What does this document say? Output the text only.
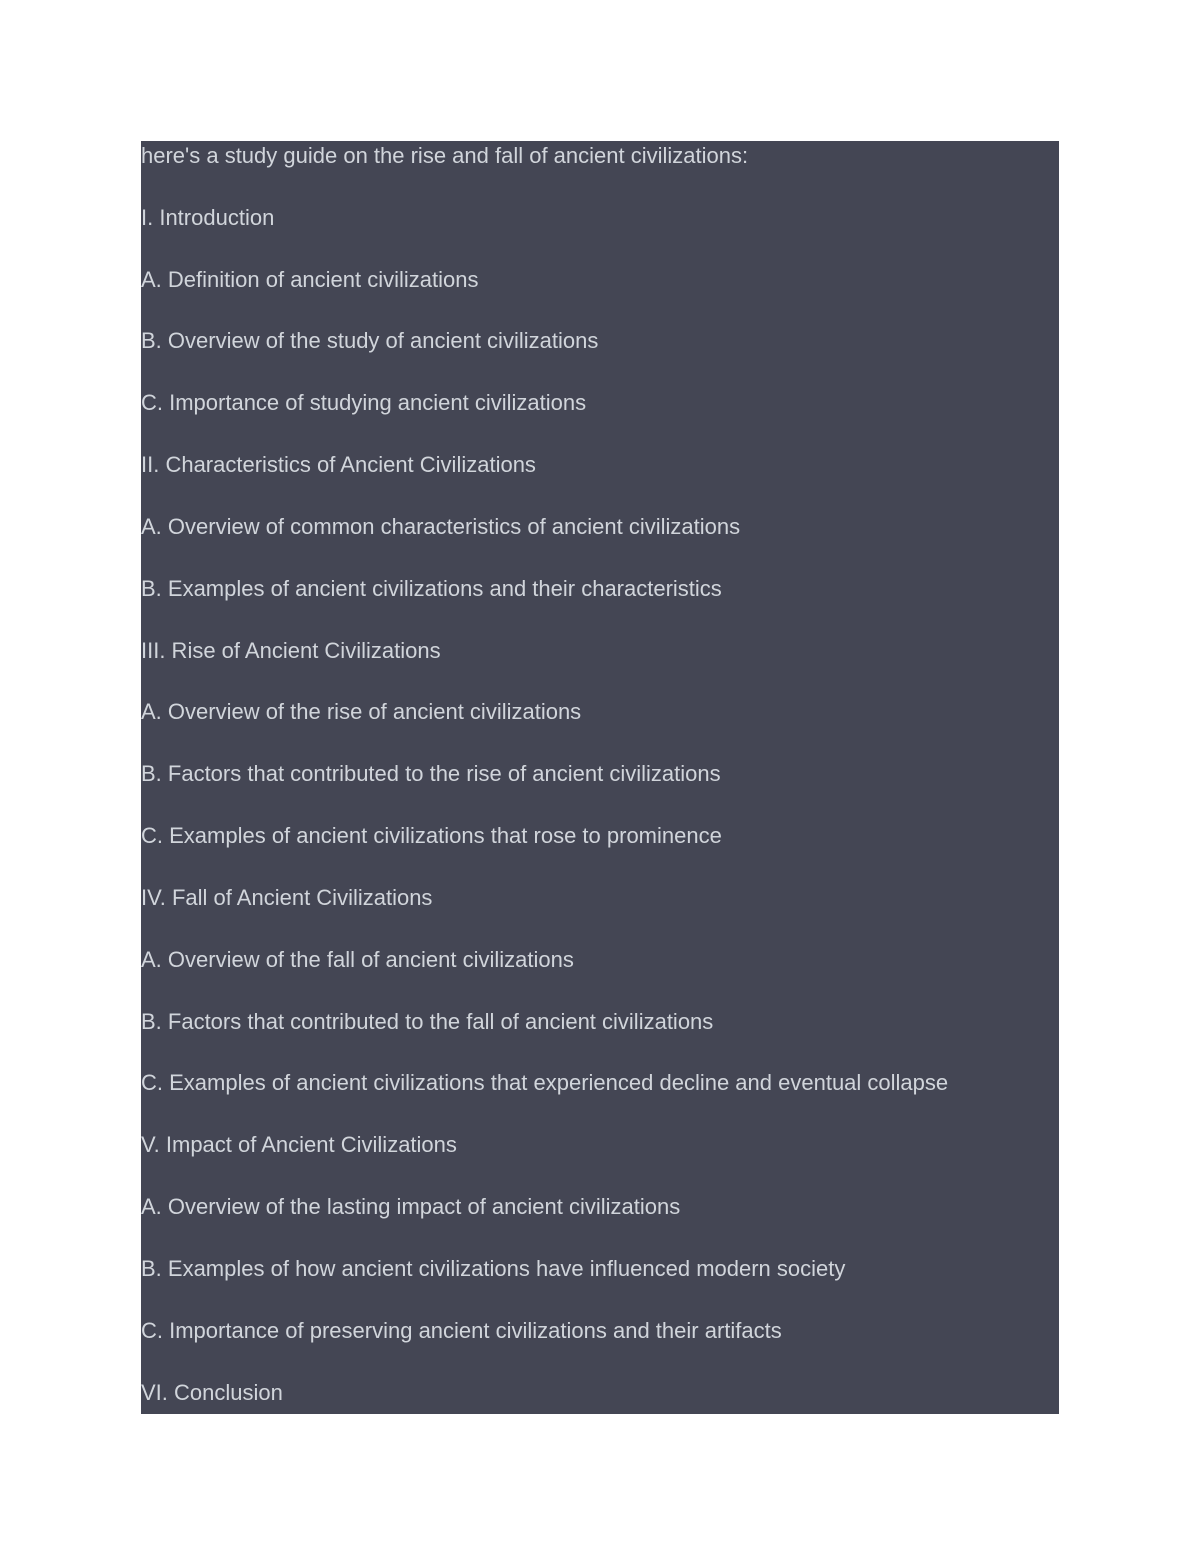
here's a study guide on the rise and fall of ancient civilizations:

I. Introduction

A. Definition of ancient civilizations

B. Overview of the study of ancient civilizations

C. Importance of studying ancient civilizations

II. Characteristics of Ancient Civilizations

A. Overview of common characteristics of ancient civilizations

B. Examples of ancient civilizations and their characteristics

III. Rise of Ancient Civilizations

A. Overview of the rise of ancient civilizations

B. Factors that contributed to the rise of ancient civilizations

C. Examples of ancient civilizations that rose to prominence

IV. Fall of Ancient Civilizations

A. Overview of the fall of ancient civilizations

B. Factors that contributed to the fall of ancient civilizations

C. Examples of ancient civilizations that experienced decline and eventual collapse

V. Impact of Ancient Civilizations

A. Overview of the lasting impact of ancient civilizations

B. Examples of how ancient civilizations have influenced modern society

C. Importance of preserving ancient civilizations and their artifacts

VI. Conclusion
